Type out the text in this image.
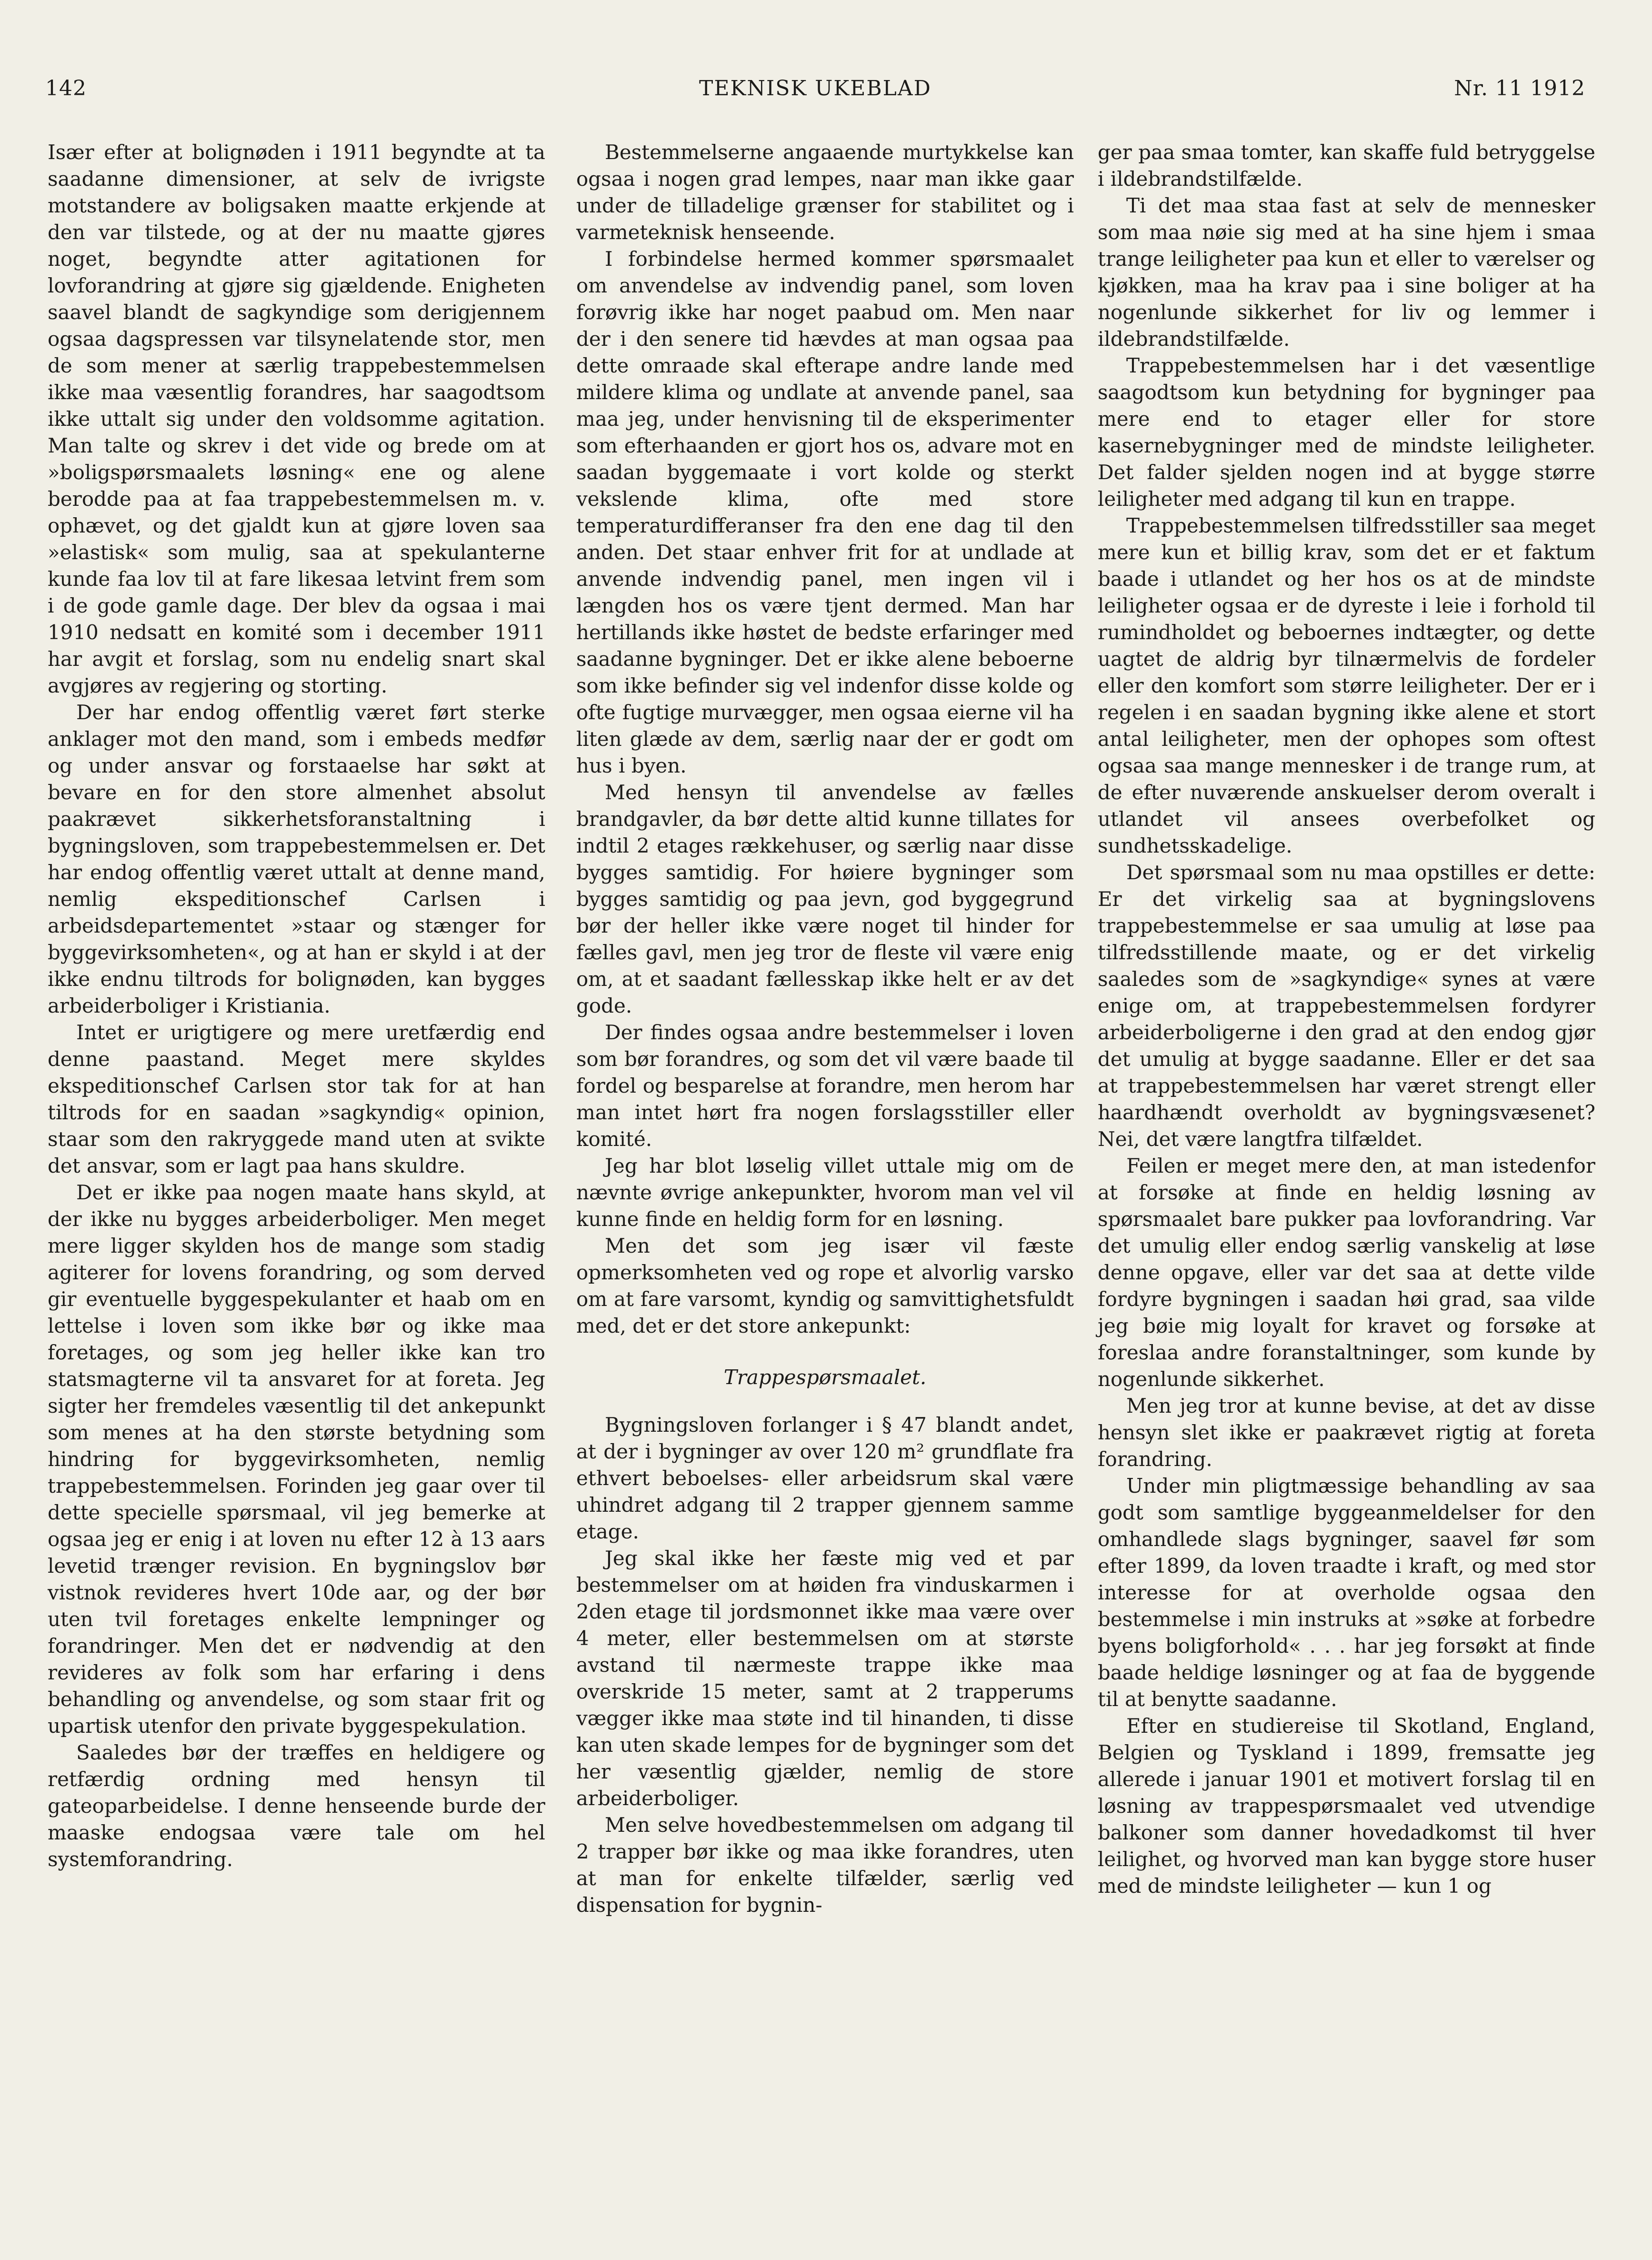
142	TEKNISK UKEBLAD	Nr. 11 1912

Især efter at bolignøden i 1911 begyndte at ta saadanne dimensioner, at selv de ivrigste motstandere av boligsaken maatte erkjende at den var tilstede, og at der nu maatte gjøres noget, begyndte atter agitationen for lovforandring at gjøre sig gjældende. Enigheten saavel blandt de sagkyndige som derigjennem ogsaa dagspressen var tilsynelatende stor, men de som mener at særlig trappebestemmelsen ikke maa væsentlig forandres, har saagodtsom ikke uttalt sig under den voldsomme agitation. Man talte og skrev i det vide og brede om at »boligspørsmaalets løsning« ene og alene berodde paa at faa trappebestemmelsen m. v. ophævet, og det gjaldt kun at gjøre loven saa »elastisk« som mulig, saa at spekulanterne kunde faa lov til at fare likesaa letvint frem som i de gode gamle dage. Der blev da ogsaa i mai 1910 nedsatt en komité som i december 1911 har avgit et forslag, som nu endelig snart skal avgjøres av regjering og storting.

Der har endog offentlig været ført sterke anklager mot den mand, som i embeds medfør og under ansvar og forstaaelse har søkt at bevare en for den store almenhet absolut paakrævet sikkerhetsforanstaltning i bygningsloven, som trappebestemmelsen er. Det har endog offentlig været uttalt at denne mand, nemlig ekspeditionschef Carlsen i arbeidsdepartementet »staar og stænger for byggevirksomheten«, og at han er skyld i at der ikke endnu tiltrods for bolignøden, kan bygges arbeiderboliger i Kristiania.

Intet er urigtigere og mere uretfærdig end denne paastand. Meget mere skyldes ekspeditionschef Carlsen stor tak for at han tiltrods for en saadan »sagkyndig« opinion, staar som den rakryggede mand uten at svikte det ansvar, som er lagt paa hans skuldre.

Det er ikke paa nogen maate hans skyld, at der ikke nu bygges arbeiderboliger. Men meget mere ligger skylden hos de mange som stadig agiterer for lovens forandring, og som derved gir eventuelle byggespekulanter et haab om en lettelse i loven som ikke bør og ikke maa foretages, og som jeg heller ikke kan tro statsmagterne vil ta ansvaret for at foreta. Jeg sigter her fremdeles væsentlig til det ankepunkt som menes at ha den største betydning som hindring for byggevirksomheten, nemlig trappebestemmelsen. Forinden jeg gaar over til dette specielle spørsmaal, vil jeg bemerke at ogsaa jeg er enig i at loven nu efter 12 à 13 aars levetid trænger revision. En bygningslov bør vistnok revideres hvert 10de aar, og der bør uten tvil foretages enkelte lempninger og forandringer. Men det er nødvendig at den revideres av folk som har erfaring i dens behandling og anvendelse, og som staar frit og upartisk utenfor den private byggespekulation.

Saaledes bør der træffes en heldigere og retfærdig ordning med hensyn til gateoparbeidelse. I denne henseende burde der maaske endogsaa være tale om hel systemforandring.

Bestemmelserne angaaende murtykkelse kan ogsaa i nogen grad lempes, naar man ikke gaar under de tilladelige grænser for stabilitet og i varmeteknisk henseende.

I forbindelse hermed kommer spørsmaalet om anvendelse av indvendig panel, som loven forøvrig ikke har noget paabud om. Men naar der i den senere tid hævdes at man ogsaa paa dette omraade skal efterape andre lande med mildere klima og undlate at anvende panel, saa maa jeg, under henvisning til de eksperimenter som efterhaanden er gjort hos os, advare mot en saadan byggemaate i vort kolde og sterkt vekslende klima, ofte med store temperaturdifferanser fra den ene dag til den anden. Det staar enhver frit for at undlade at anvende indvendig panel, men ingen vil i længden hos os være tjent dermed. Man har hertillands ikke høstet de bedste erfaringer med saadanne bygninger. Det er ikke alene beboerne som ikke befinder sig vel indenfor disse kolde og ofte fugtige murvægger, men ogsaa eierne vil ha liten glæde av dem, særlig naar der er godt om hus i byen.

Med hensyn til anvendelse av fælles brandgavler, da bør dette altid kunne tillates for indtil 2 etages rækkehuser, og særlig naar disse bygges samtidig. For høiere bygninger som bygges samtidig og paa jevn, god byggegrund bør der heller ikke være noget til hinder for fælles gavl, men jeg tror de fleste vil være enig om, at et saadant fællesskap ikke helt er av det gode.

Der findes ogsaa andre bestemmelser i loven som bør forandres, og som det vil være baade til fordel og besparelse at forandre, men herom har man intet hørt fra nogen forslagsstiller eller komité.

Jeg har blot løselig villet uttale mig om de nævnte øvrige ankepunkter, hvorom man vel vil kunne finde en heldig form for en løsning.

Men det som jeg især vil fæste opmerksomheten ved og rope et alvorlig varsko om at fare varsomt, kyndig og samvittighetsfuldt med, det er det store ankepunkt:

Trappespørsmaalet.

Bygningsloven forlanger i § 47 blandt andet, at der i bygninger av over 120 m² grundflate fra ethvert beboelses- eller arbeidsrum skal være uhindret adgang til 2 trapper gjennem samme etage.

Jeg skal ikke her fæste mig ved et par bestemmelser om at høiden fra vinduskarmen i 2den etage til jordsmonnet ikke maa være over 4 meter, eller bestemmelsen om at største avstand til nærmeste trappe ikke maa overskride 15 meter, samt at 2 trapperums vægger ikke maa støte ind til hinanden, ti disse kan uten skade lempes for de bygninger som det her væsentlig gjælder, nemlig de store arbeiderboliger.

Men selve hovedbestemmelsen om adgang til 2 trapper bør ikke og maa ikke forandres, uten at man for enkelte tilfælder, særlig ved dispensation for bygnin-

ger paa smaa tomter, kan skaffe fuld betryggelse i ildebrandstilfælde.

Ti det maa staa fast at selv de mennesker som maa nøie sig med at ha sine hjem i smaa trange leiligheter paa kun et eller to værelser og kjøkken, maa ha krav paa i sine boliger at ha nogenlunde sikkerhet for liv og lemmer i ildebrandstilfælde.

Trappebestemmelsen har i det væsentlige saagodtsom kun betydning for bygninger paa mere end to etager eller for store kasernebygninger med de mindste leiligheter. Det falder sjelden nogen ind at bygge større leiligheter med adgang til kun en trappe.

Trappebestemmelsen tilfredsstiller saa meget mere kun et billig krav, som det er et faktum baade i utlandet og her hos os at de mindste leiligheter ogsaa er de dyreste i leie i forhold til rumindholdet og beboernes indtægter, og dette uagtet de aldrig byr tilnærmelvis de fordeler eller den komfort som større leiligheter. Der er i regelen i en saadan bygning ikke alene et stort antal leiligheter, men der ophopes som oftest ogsaa saa mange mennesker i de trange rum, at de efter nuværende anskuelser derom overalt i utlandet vil ansees overbefolket og sundhetsskadelige.

Det spørsmaal som nu maa opstilles er dette: Er det virkelig saa at bygningslovens trappebestemmelse er saa umulig at løse paa tilfredsstillende maate, og er det virkelig saaledes som de »sagkyndige« synes at være enige om, at trappebestemmelsen fordyrer arbeiderboligerne i den grad at den endog gjør det umulig at bygge saadanne. Eller er det saa at trappebestemmelsen har været strengt eller haardhændt overholdt av bygningsvæsenet? Nei, det være langtfra tilfældet.

Feilen er meget mere den, at man istedenfor at forsøke at finde en heldig løsning av spørsmaalet bare pukker paa lovforandring. Var det umulig eller endog særlig vanskelig at løse denne opgave, eller var det saa at dette vilde fordyre bygningen i saadan høi grad, saa vilde jeg bøie mig loyalt for kravet og forsøke at foreslaa andre foranstaltninger, som kunde by nogenlunde sikkerhet.

Men jeg tror at kunne bevise, at det av disse hensyn slet ikke er paakrævet rigtig at foreta forandring.

Under min pligtmæssige behandling av saa godt som samtlige byggeanmeldelser for den omhandlede slags bygninger, saavel før som efter 1899, da loven traadte i kraft, og med stor interesse for at overholde ogsaa den bestemmelse i min instruks at »søke at forbedre byens boligforhold« . . . har jeg forsøkt at finde baade heldige løsninger og at faa de byggende til at benytte saadanne.

Efter en studiereise til Skotland, England, Belgien og Tyskland i 1899, fremsatte jeg allerede i januar 1901 et motivert forslag til en løsning av trappespørsmaalet ved utvendige balkoner som danner hovedadkomst til hver leilighet, og hvorved man kan bygge store huser med de mindste leiligheter — kun 1 og
